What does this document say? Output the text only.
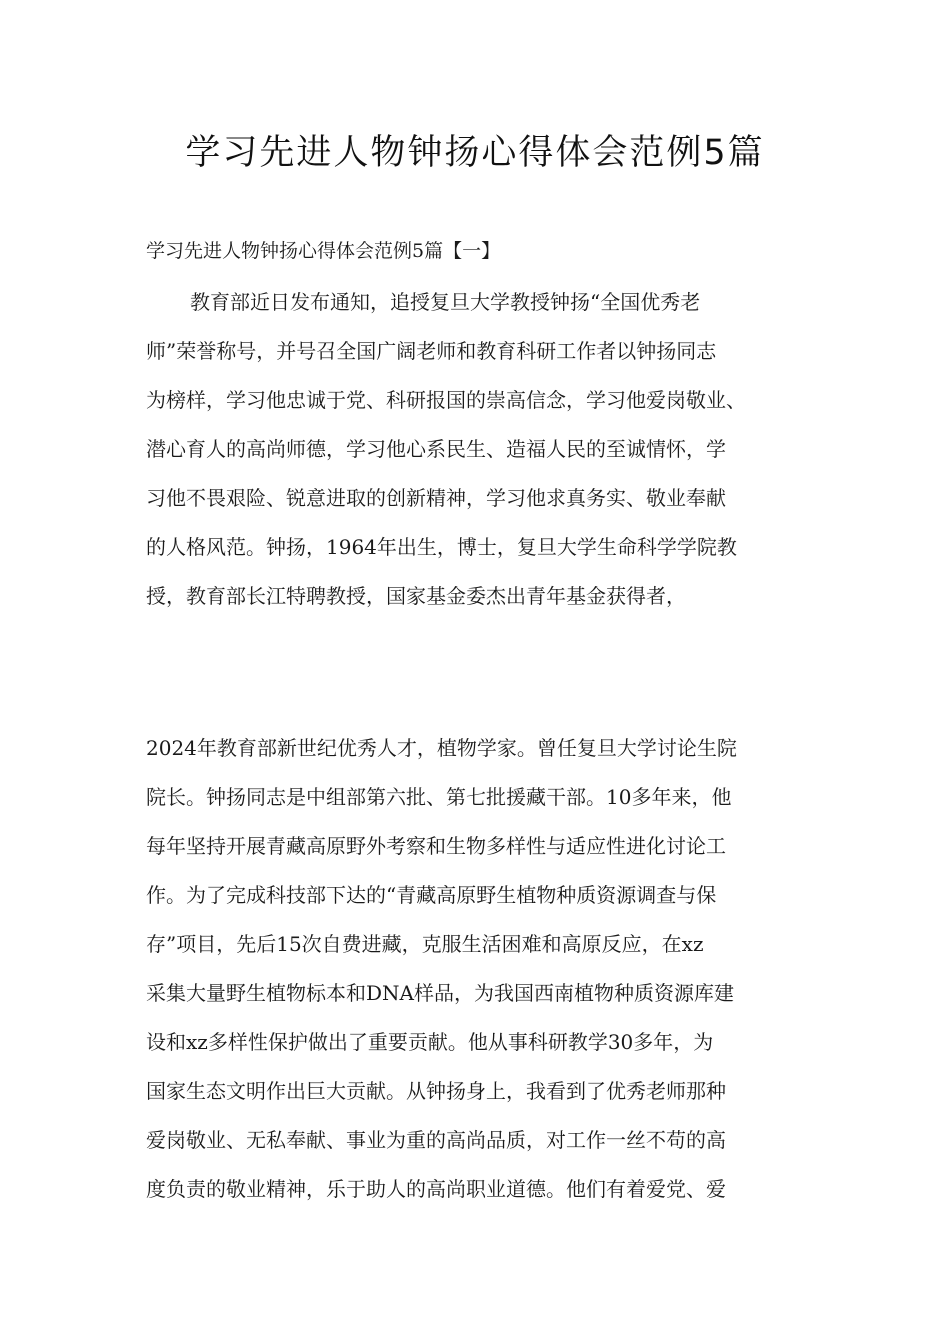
学习先进人物钟扬心得体会范例5篇
学习先进人物钟扬心得体会范例5篇【一】
教育部近日发布通知，追授复旦大学教授钟扬“全国优秀老
师”荣誉称号，并号召全国广阔老师和教育科研工作者以钟扬同志
为榜样，学习他忠诚于党、科研报国的崇高信念，学习他爱岗敬业、
潜心育人的高尚师德，学习他心系民生、造福人民的至诚情怀，学
习他不畏艰险、锐意进取的创新精神，学习他求真务实、敬业奉献
的人格风范。钟扬，1964年出生，博士，复旦大学生命科学学院教
授，教育部长江特聘教授，国家基金委杰出青年基金获得者，
2024年教育部新世纪优秀人才，植物学家。曾任复旦大学讨论生院
院长。钟扬同志是中组部第六批、第七批援藏干部。10多年来，他
每年坚持开展青藏高原野外考察和生物多样性与适应性进化讨论工
作。为了完成科技部下达的“青藏高原野生植物种质资源调查与保
存”项目，先后15次自费进藏，克服生活困难和高原反应，在xz
采集大量野生植物标本和DNA样品，为我国西南植物种质资源库建
设和xz多样性保护做出了重要贡献。他从事科研教学30多年，为
国家生态文明作出巨大贡献。从钟扬身上，我看到了优秀老师那种
爱岗敬业、无私奉献、事业为重的高尚品质，对工作一丝不苟的高
度负责的敬业精神，乐于助人的高尚职业道德。他们有着爱党、爱
